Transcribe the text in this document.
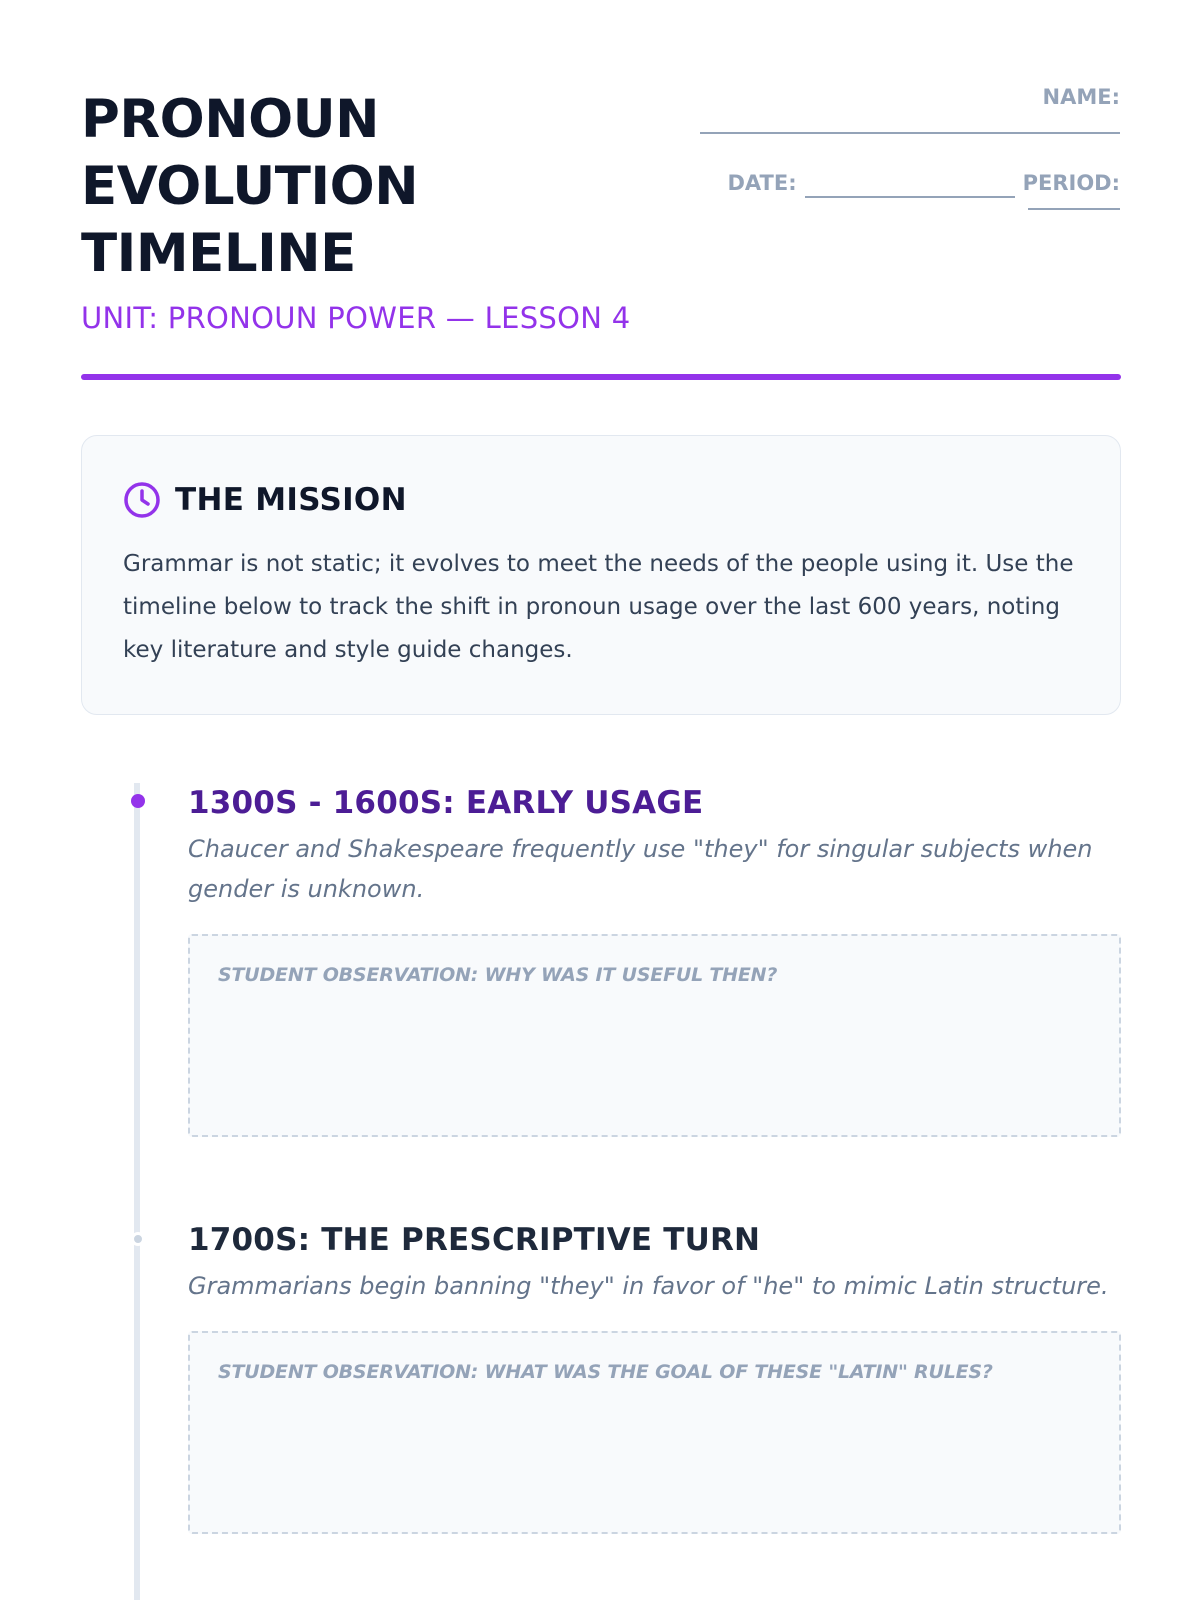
PRONOUN
EVOLUTION
TIMELINE
UNIT: PRONOUN POWER — LESSON 4
NAME:
DATE:	PERIOD:
THE MISSION

Grammar is not static; it evolves to meet the needs of the people using it. Use the timeline below to track the shift in pronoun usage over the last 600 years, noting key literature and style guide changes.

1300S - 1600S: EARLY USAGE

Chaucer and Shakespeare frequently use "they" for singular subjects when gender is unknown.

STUDENT OBSERVATION: WHY WAS IT USEFUL THEN?
1700S: THE PRESCRIPTIVE TURN

Grammarians begin banning "they" in favor of "he" to mimic Latin structure.

STUDENT OBSERVATION: WHAT WAS THE GOAL OF THESE "LATIN" RULES?
